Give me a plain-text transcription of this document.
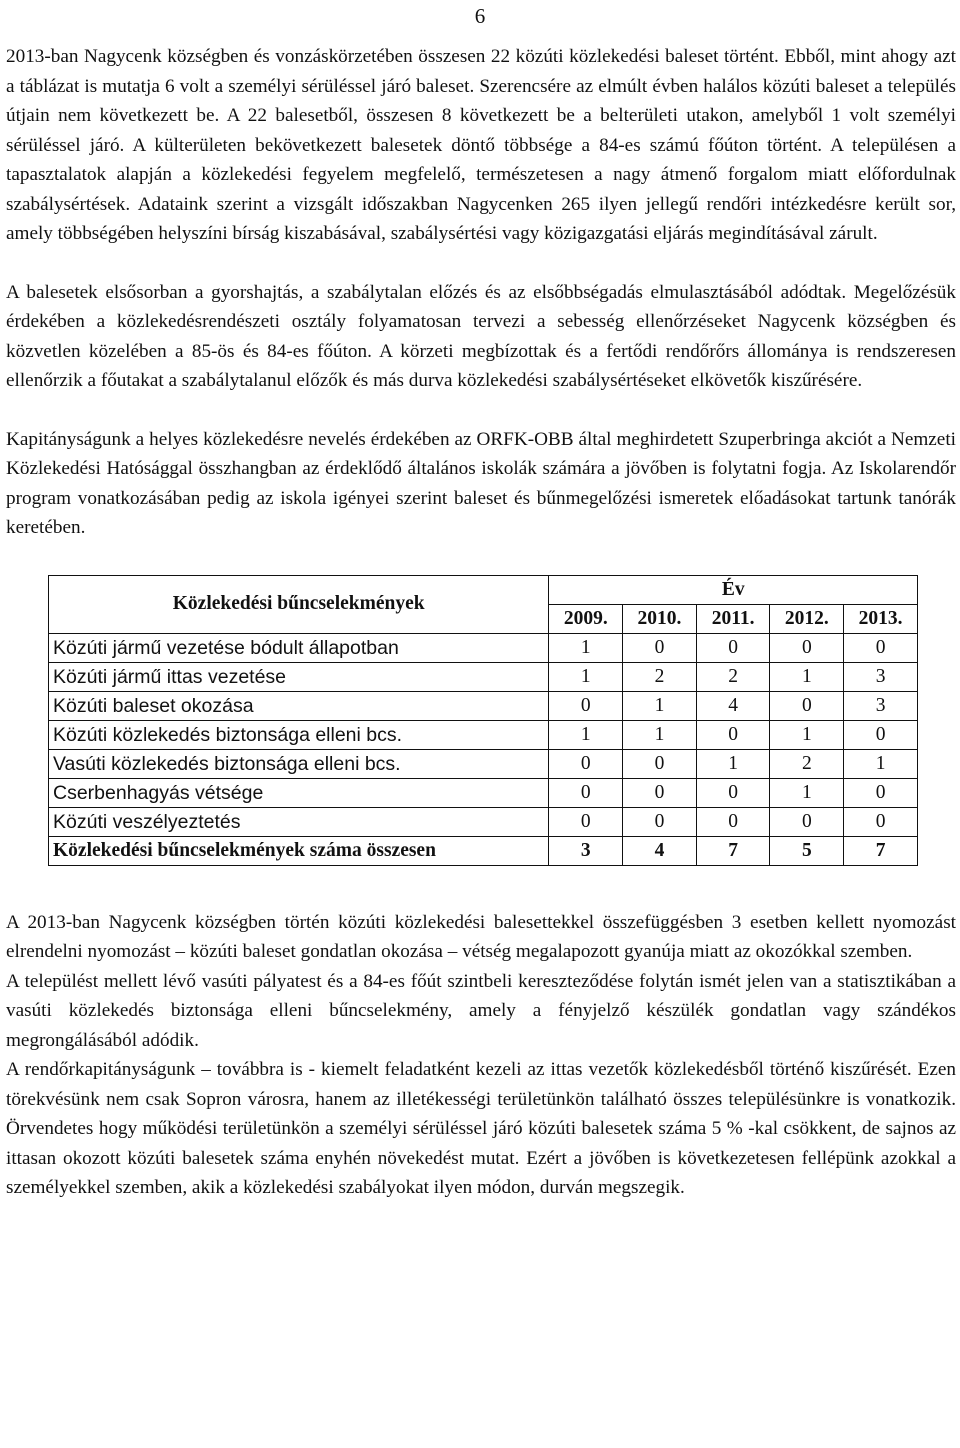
6

2013-ban Nagycenk községben és vonzáskörzetében összesen 22 közúti közlekedési baleset történt. Ebből, mint ahogy azt a táblázat is mutatja 6 volt a személyi sérüléssel járó baleset. Szerencsére az elmúlt évben halálos közúti baleset a település útjain nem következett be. A 22 balesetből, összesen 8 következett be a belterületi utakon, amelyből 1 volt személyi sérüléssel járó. A külterületen bekövetkezett balesetek döntő többsége a 84-es számú főúton történt. A településen a tapasztalatok alapján a közlekedési fegyelem megfelelő, természetesen a nagy átmenő forgalom miatt előfordulnak szabálysértések. Adataink szerint a vizsgált időszakban Nagycenken 265 ilyen jellegű rendőri intézkedésre került sor, amely többségében helyszíni bírság kiszabásával, szabálysértési vagy közigazgatási eljárás megindításával zárult.

A balesetek elsősorban a gyorshajtás, a szabálytalan előzés és az elsőbbségadás elmulasztásából adódtak. Megelőzésük érdekében a közlekedésrendészeti osztály folyamatosan tervezi a sebesség ellenőrzéseket Nagycenk községben és közvetlen közelében a 85-ös és 84-es főúton. A körzeti megbízottak és a fertődi rendőrőrs állománya is rendszeresen ellenőrzik a főutakat a szabálytalanul előzők és más durva közlekedési szabálysértéseket elkövetők kiszűrésére.

Kapitányságunk a helyes közlekedésre nevelés érdekében az ORFK-OBB által meghirdetett Szuperbringa akciót a Nemzeti Közlekedési Hatósággal összhangban az érdeklődő általános iskolák számára a jövőben is folytatni fogja. Az Iskolarendőr program vonatkozásában pedig az iskola igényei szerint baleset és bűnmegelőzési ismeretek előadásokat tartunk tanórák keretében.

Közlekedési bűncselekmények	Év				
	2009.	2010.	2011.	2012.	2013.
Közúti jármű vezetése bódult állapotban	1	0	0	0	0
Közúti jármű ittas vezetése	1	2	2	1	3
Közúti baleset okozása	0	1	4	0	3
Közúti közlekedés biztonsága elleni bcs.	1	1	0	1	0
Vasúti közlekedés biztonsága elleni bcs.	0	0	1	2	1
Cserbenhagyás vétsége	0	0	0	1	0
Közúti veszélyeztetés	0	0	0	0	0
Közlekedési bűncselekmények száma összesen	3	4	7	5	7

A 2013-ban Nagycenk községben történ közúti közlekedési balesettekkel összefüggésben 3 esetben kellett nyomozást elrendelni nyomozást – közúti baleset gondatlan okozása – vétség megalapozott gyanúja miatt az okozókkal szemben.

A települést mellett lévő vasúti pályatest és a 84-es főút szintbeli kereszteződése folytán ismét jelen van a statisztikában a vasúti közlekedés biztonsága elleni bűncselekmény, amely a fényjelző készülék gondatlan vagy szándékos megrongálásából adódik.

A rendőrkapitányságunk – továbbra is - kiemelt feladatként kezeli az ittas vezetők közlekedésből történő kiszűrését. Ezen törekvésünk nem csak Sopron városra, hanem az illetékességi területünkön található összes településünkre is vonatkozik. Örvendetes hogy működési területünkön a személyi sérüléssel járó közúti balesetek száma 5 % -kal csökkent, de sajnos az ittasan okozott közúti balesetek száma enyhén növekedést mutat. Ezért a jövőben is következetesen fellépünk azokkal a személyekkel szemben, akik a közlekedési szabályokat ilyen módon, durván megszegik.
